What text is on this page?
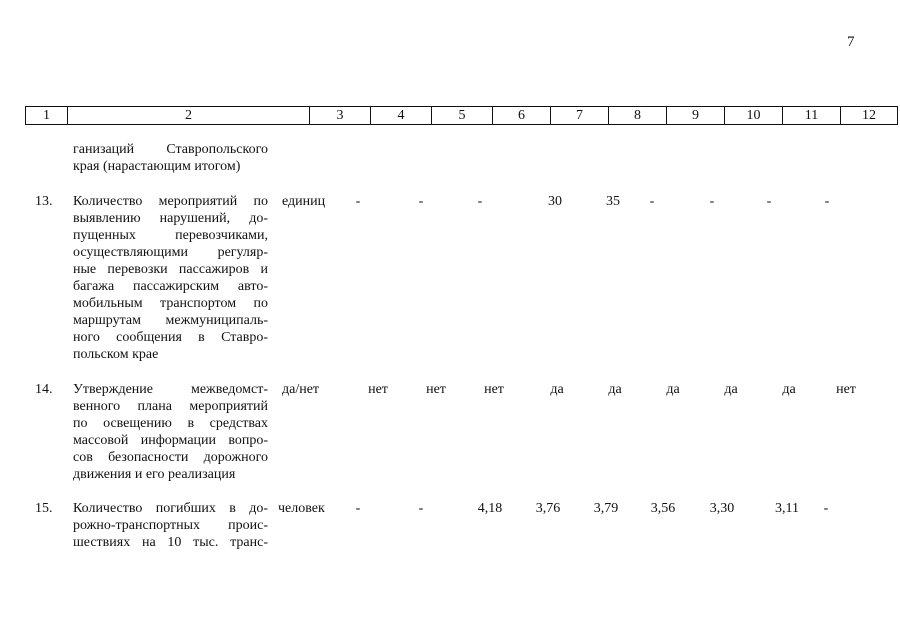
7
1	2	3	4	5	6	7	8	9	10	11	12
ганизаций Ставропольского
края (нарастающим итогом)
13. Количество мероприятий по
выявлению нарушений, до-
пущенных перевозчиками,
осуществляющими регуляр-
ные перевозки пассажиров и
багажа пассажирским авто-
мобильным транспортом по
маршрутам межмуниципаль-
ного сообщения в Ставро-
польском крае
единиц	-	-	-	30	35	-	-	-	-
14. Утверждение межведомст-
венного плана мероприятий
по освещению в средствах
массовой информации вопро-
сов безопасности дорожного
движения и его реализация
да/нет	нет	нет	нет	да	да	да	да	да	нет
15. Количество погибших в до-
рожно-транспортных проис-
шествиях на 10 тыс. транс-
человек	-	-	4,18	3,76	3,79	3,56	3,30	3,11	-
